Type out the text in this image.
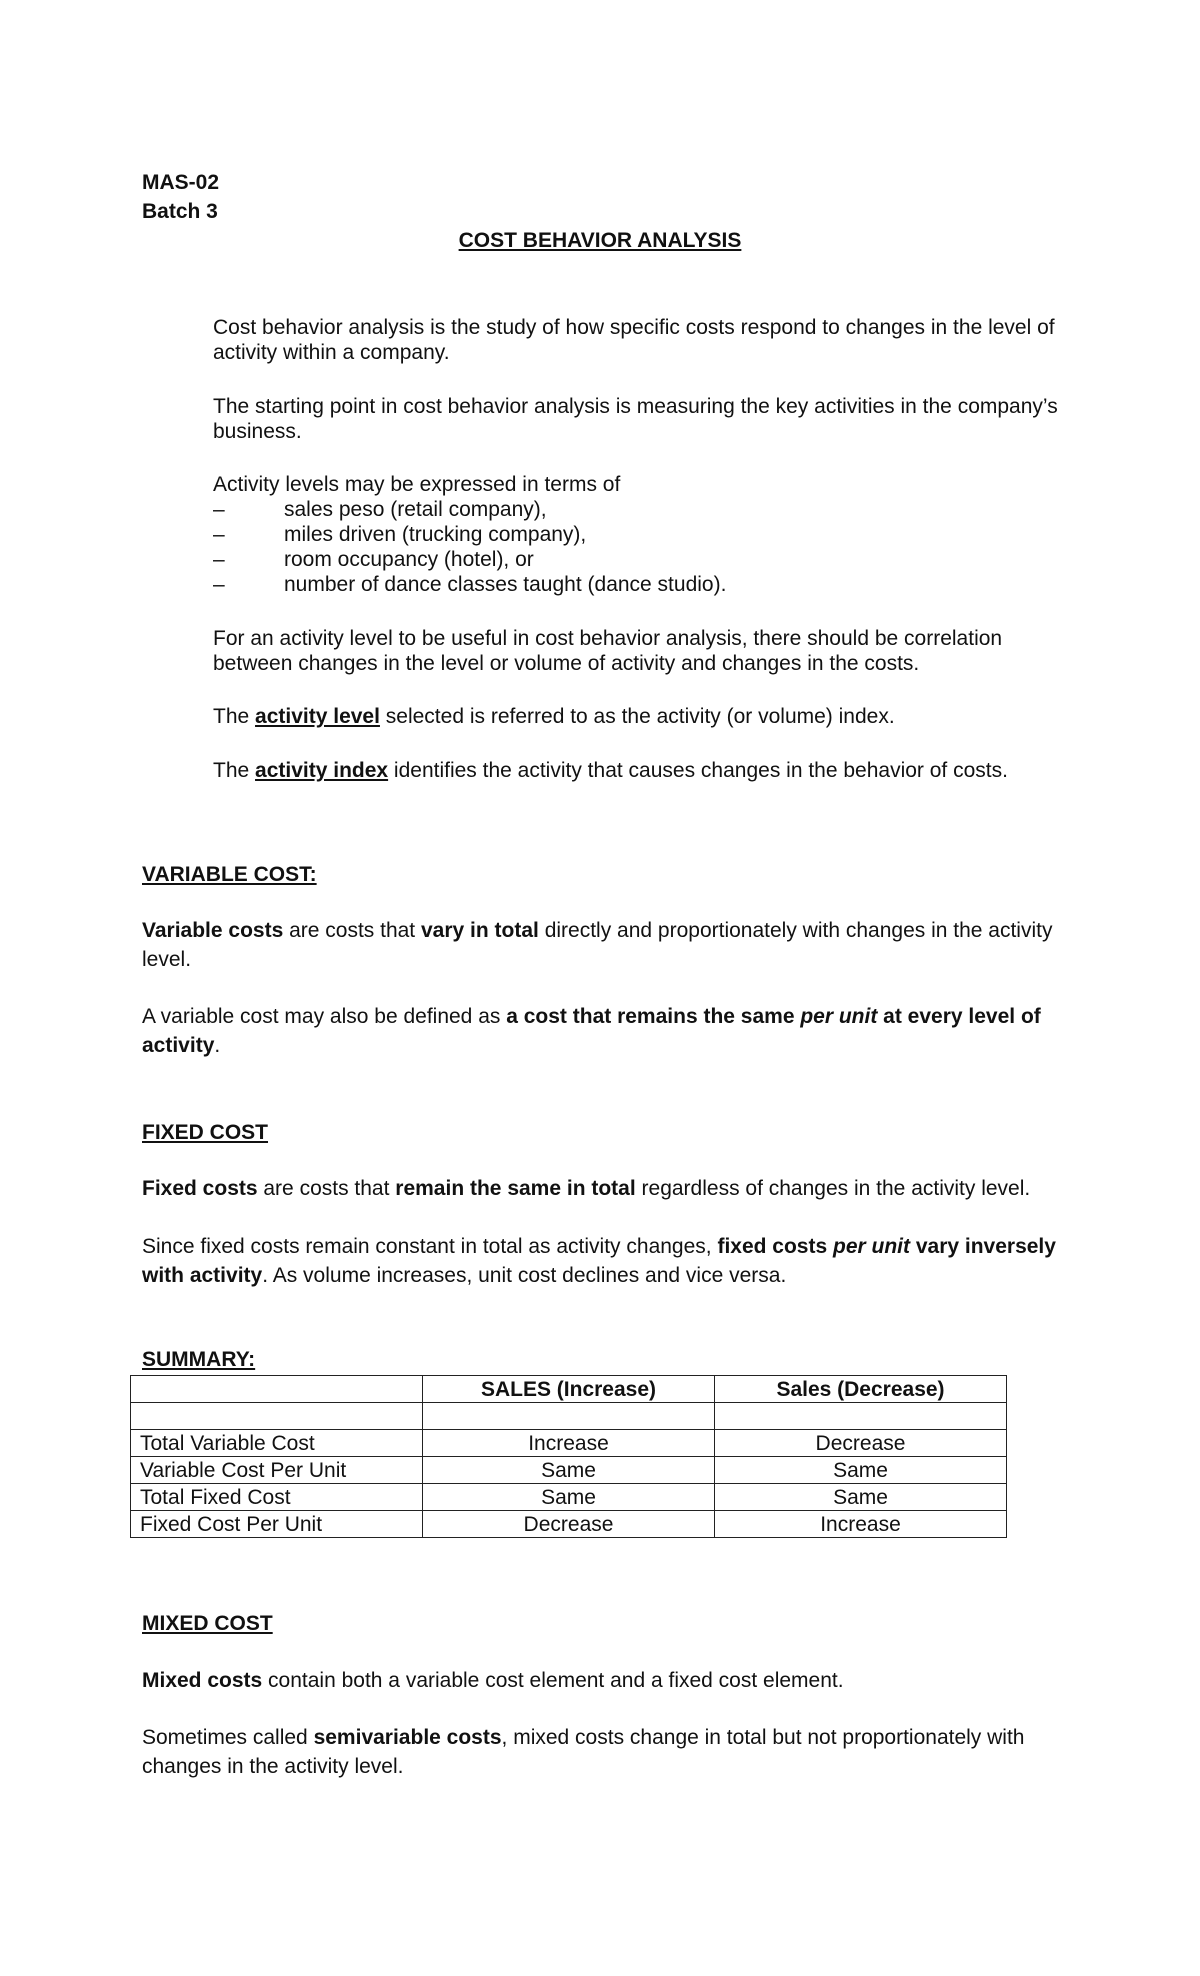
MAS-02
Batch 3
COST BEHAVIOR ANALYSIS

Cost behavior analysis is the study of how specific costs respond to changes in the level of activity within a company.

The starting point in cost behavior analysis is measuring the key activities in the company’s business.

Activity levels may be expressed in terms of

–	sales peso (retail company),
–	miles driven (trucking company),
–	room occupancy (hotel), or
–	number of dance classes taught (dance studio).

For an activity level to be useful in cost behavior analysis, there should be correlation between changes in the level or volume of activity and changes in the costs.

The activity level selected is referred to as the activity (or volume) index.

The activity index identifies the activity that causes changes in the behavior of costs.

VARIABLE COST:

Variable costs are costs that vary in total directly and proportionately with changes in the activity level.

A variable cost may also be defined as a cost that remains the same per unit at every level of activity.

FIXED COST

Fixed costs are costs that remain the same in total regardless of changes in the activity level.

Since fixed costs remain constant in total as activity changes, fixed costs per unit vary inversely with activity. As volume increases, unit cost declines and vice versa.

SUMMARY:
	SALES (Increase)	Sales (Decrease)

Total Variable Cost	Increase	Decrease
Variable Cost Per Unit	Same	Same
Total Fixed Cost	Same	Same
Fixed Cost Per Unit	Decrease	Increase
MIXED COST

Mixed costs contain both a variable cost element and a fixed cost element.

Sometimes called semivariable costs, mixed costs change in total but not proportionately with changes in the activity level.
